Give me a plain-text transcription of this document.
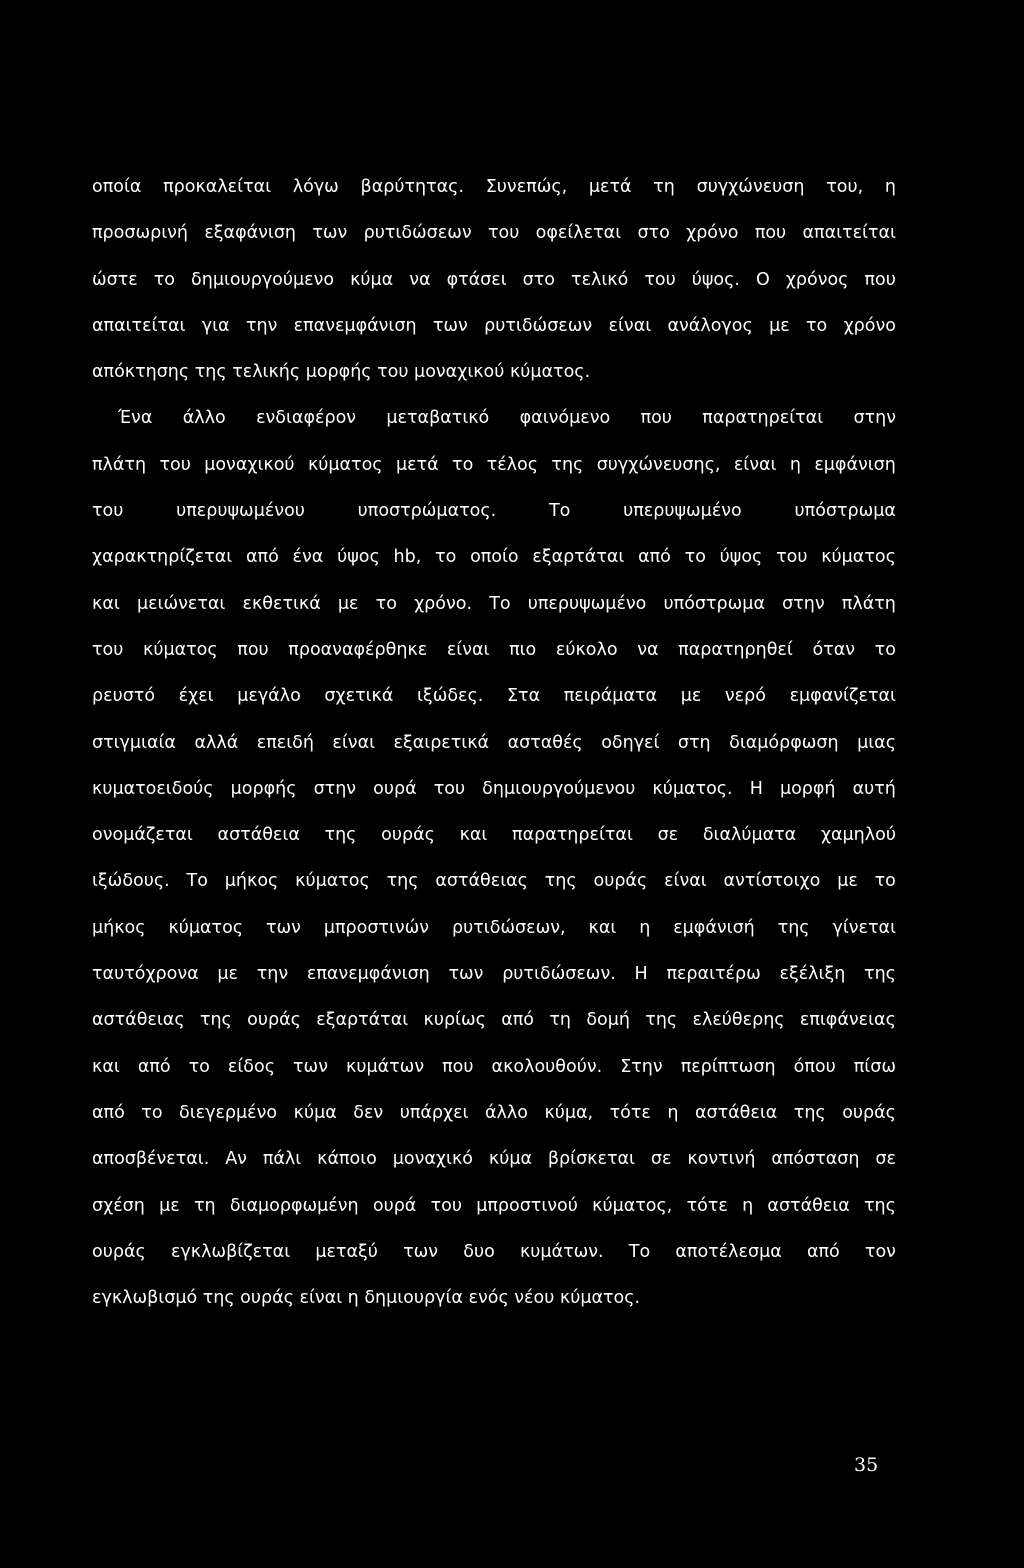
οποία προκαλείται λόγω βαρύτητας. Συνεπώς, μετά τη συγχώνευση του, η
προσωρινή εξαφάνιση των ρυτιδώσεων του οφείλεται στο χρόνο που απαιτείται
ώστε το δημιουργούμενο κύμα να φτάσει στο τελικό του ύψος. Ο χρόνος που
απαιτείται για την επανεμφάνιση των ρυτιδώσεων είναι ανάλογος με το χρόνο
απόκτησης της τελικής μορφής του μοναχικού κύματος.
Ένα άλλο ενδιαφέρον μεταβατικό φαινόμενο που παρατηρείται στην
πλάτη του μοναχικού κύματος μετά το τέλος της συγχώνευσης, είναι η εμφάνιση
του	υπερυψωμένου	υποστρώματος.	Το	υπερυψωμένο	υπόστρωμα
χαρακτηρίζεται από ένα ύψος hb, το οποίο εξαρτάται από το ύψος του κύματος
και μειώνεται εκθετικά με το χρόνο. Το υπερυψωμένο υπόστρωμα στην πλάτη
του κύματος που προαναφέρθηκε είναι πιο εύκολο να παρατηρηθεί όταν το
ρευστό έχει μεγάλο σχετικά ιξώδες. Στα πειράματα με νερό εμφανίζεται
στιγμιαία αλλά επειδή είναι εξαιρετικά ασταθές οδηγεί στη διαμόρφωση μιας
κυματοειδούς μορφής στην ουρά του δημιουργούμενου κύματος. Η μορφή αυτή
ονομάζεται αστάθεια της ουράς και παρατηρείται σε διαλύματα χαμηλού
ιξώδους. Το μήκος κύματος της αστάθειας της ουράς είναι αντίστοιχο με το
μήκος κύματος των μπροστινών ρυτιδώσεων, και η εμφάνισή της γίνεται
ταυτόχρονα με την επανεμφάνιση των ρυτιδώσεων. Η περαιτέρω εξέλιξη της
αστάθειας της ουράς εξαρτάται κυρίως από τη δομή της ελεύθερης επιφάνειας
και από το είδος των κυμάτων που ακολουθούν. Στην περίπτωση όπου πίσω
από το διεγερμένο κύμα δεν υπάρχει άλλο κύμα, τότε η αστάθεια της ουράς
αποσβένεται. Αν πάλι κάποιο μοναχικό κύμα βρίσκεται σε κοντινή απόσταση σε
σχέση με τη διαμορφωμένη ουρά του μπροστινού κύματος, τότε η αστάθεια της
ουράς εγκλωβίζεται μεταξύ των δυο κυμάτων. Το αποτέλεσμα από τον
εγκλωβισμό της ουράς είναι η δημιουργία ενός νέου κύματος.
35
